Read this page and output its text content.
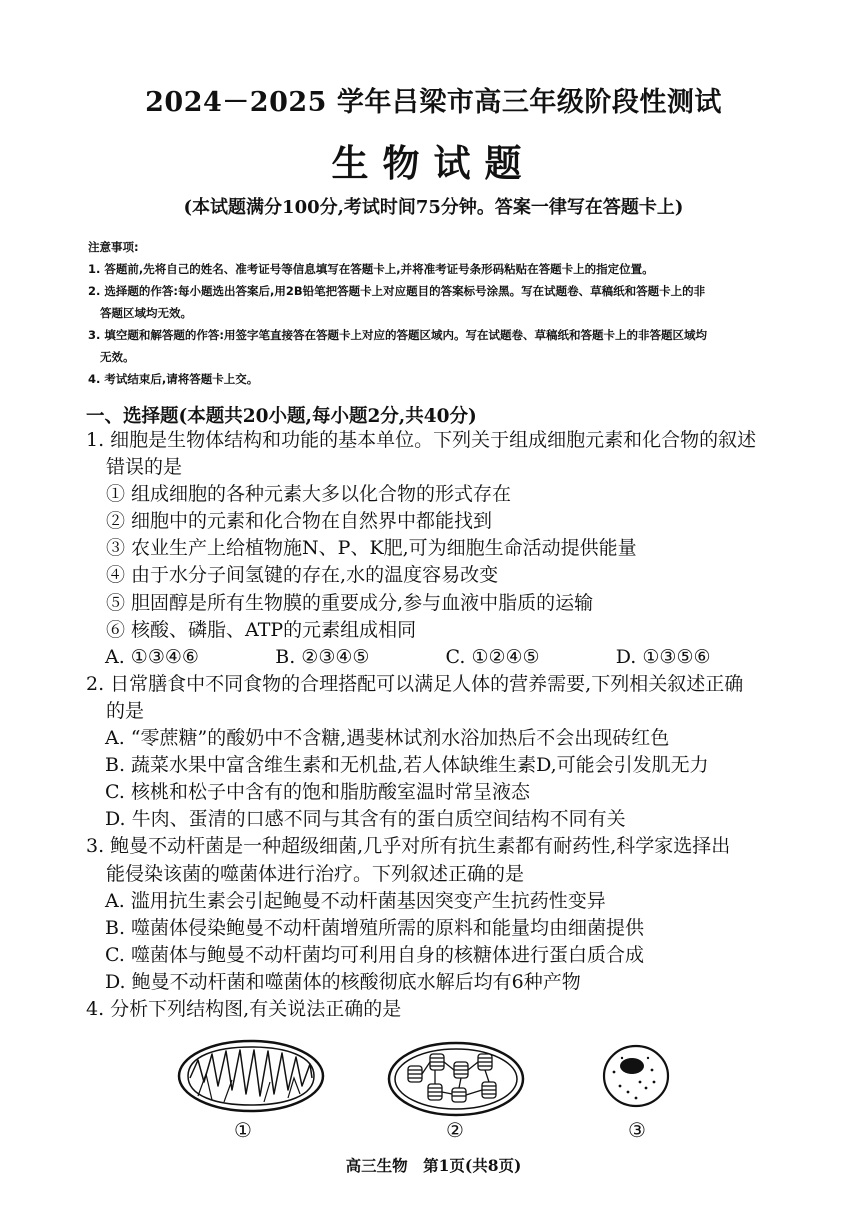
2024－2025 学年吕梁市高三年级阶段性测试
生物试题
(本试题满分100分,考试时间75分钟。答案一律写在答题卡上)
注意事项:
1. 答题前,先将自己的姓名、准考证号等信息填写在答题卡上,并将准考证号条形码粘贴在答题卡上的指定位置。
2. 选择题的作答:每小题选出答案后,用2B铅笔把答题卡上对应题目的答案标号涂黑。写在试题卷、草稿纸和答题卡上的非
答题区域均无效。
3. 填空题和解答题的作答:用签字笔直接答在答题卡上对应的答题区域内。写在试题卷、草稿纸和答题卡上的非答题区域均
无效。
4. 考试结束后,请将答题卡上交。
一、选择题(本题共20小题,每小题2分,共40分)
1. 细胞是生物体结构和功能的基本单位。下列关于组成细胞元素和化合物的叙述
错误的是
① 组成细胞的各种元素大多以化合物的形式存在
② 细胞中的元素和化合物在自然界中都能找到
③ 农业生产上给植物施N、P、K肥,可为细胞生命活动提供能量
④ 由于水分子间氢键的存在,水的温度容易改变
⑤ 胆固醇是所有生物膜的重要成分,参与血液中脂质的运输
⑥ 核酸、磷脂、ATP的元素组成相同
A. ①③④⑥	B. ②③④⑤	C. ①②④⑤	D. ①③⑤⑥
2. 日常膳食中不同食物的合理搭配可以满足人体的营养需要,下列相关叙述正确
的是
A. “零蔗糖”的酸奶中不含糖,遇斐林试剂水浴加热后不会出现砖红色
B. 蔬菜水果中富含维生素和无机盐,若人体缺维生素D,可能会引发肌无力
C. 核桃和松子中含有的饱和脂肪酸室温时常呈液态
D. 牛肉、蛋清的口感不同与其含有的蛋白质空间结构不同有关
3. 鲍曼不动杆菌是一种超级细菌,几乎对所有抗生素都有耐药性,科学家选择出
能侵染该菌的噬菌体进行治疗。下列叙述正确的是
A. 滥用抗生素会引起鲍曼不动杆菌基因突变产生抗药性变异
B. 噬菌体侵染鲍曼不动杆菌增殖所需的原料和能量均由细菌提供
C. 噬菌体与鲍曼不动杆菌均可利用自身的核糖体进行蛋白质合成
D. 鲍曼不动杆菌和噬菌体的核酸彻底水解后均有6种产物
4. 分析下列结构图,有关说法正确的是
①	②	③
高三生物　第1页(共8页)
